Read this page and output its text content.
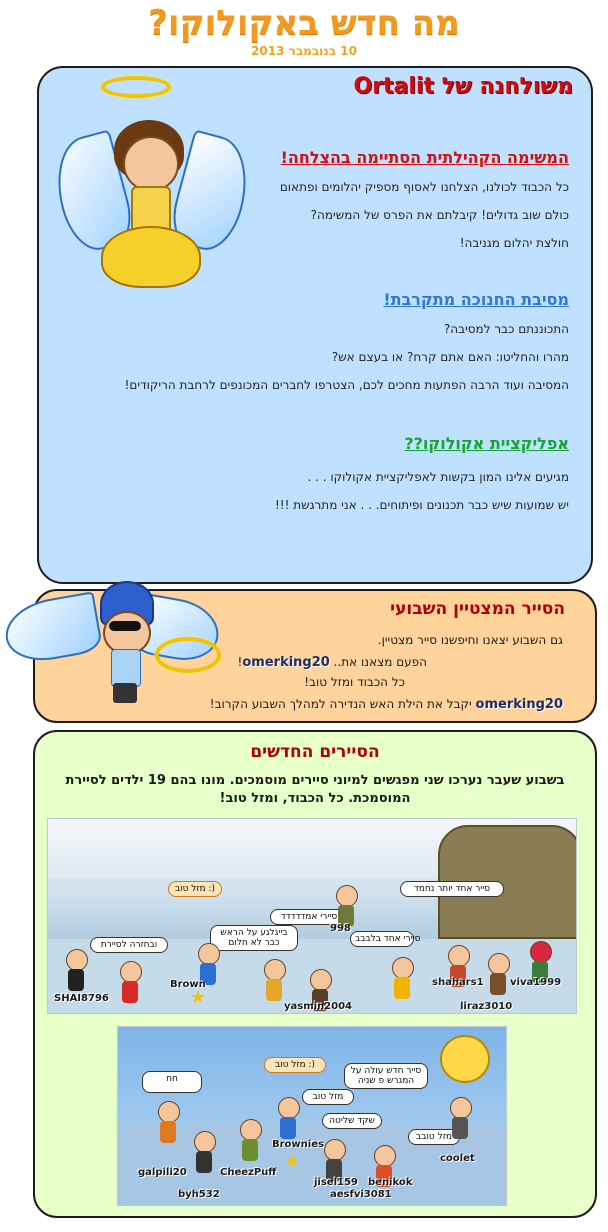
מה חדש באקולוקו?
10 בנובמבר 2013
משולחנה של Ortalit
המשימה הקהילתית הסתיימה בהצלחה!
כל הכבוד לכולנו, הצלחנו לאסוף מספיק יהלומים ופתאום
כולם שוב גדולים! קיבלתם את הפרס של המשימה?
חולצת יהלום מגניבה!
מסיבת החנוכה מתקרבת!
התכוננתם כבר למסיבה?
מהרו והחליטו: האם אתם קרח? או בעצם אש?
המסיבה ועוד הרבה הפתעות מחכים לכם, הצטרפו לחברים המכונפים לרחבת הריקודים!
אפליקציית אקולוקו??
מגיעים אלינו המון בקשות לאפליקציית אקולוקו . . .
יש שמועות שיש כבר תכנונים ופיתוחים. . . אני מתרגשת !!!
הסייר המצטיין השבועי
גם השבוע יצאנו וחיפשנו סייר מצטיין.
הפעם מצאנו את.. omerking20!
כל הכבוד ומזל טוב!
omerking20 יקבל את הילת האש הנדירה למהלך השבוע הקרוב!
הסיירים החדשים
בשבוע שעבר נערכו שני מפגשים למיוני סיירים מוסמכים. מונו בהם 19 ילדים לסיירת המוסמכת. כל הכבוד, ומזל טוב!
מזל טוב :)	סייר אחד יותר נחמד
סיירי אמדדדדד
ובחזרה לסיירת
בייגלגע על הראש כבר לא חלום	סיירי אחד בלבבב
★
SHAI8796
Brown
yasmin2004
998
shahars1	viva1999
liraz3010
מזל טוב :)
חח
מזל טוב
סייר חדש עולה על המגרש פ שניה
שקד שליטה
מזל טובב
★
galpili20	CheezPuff
Brownies
coolet
jisel159 benikok
aesfvi3081
byh532
